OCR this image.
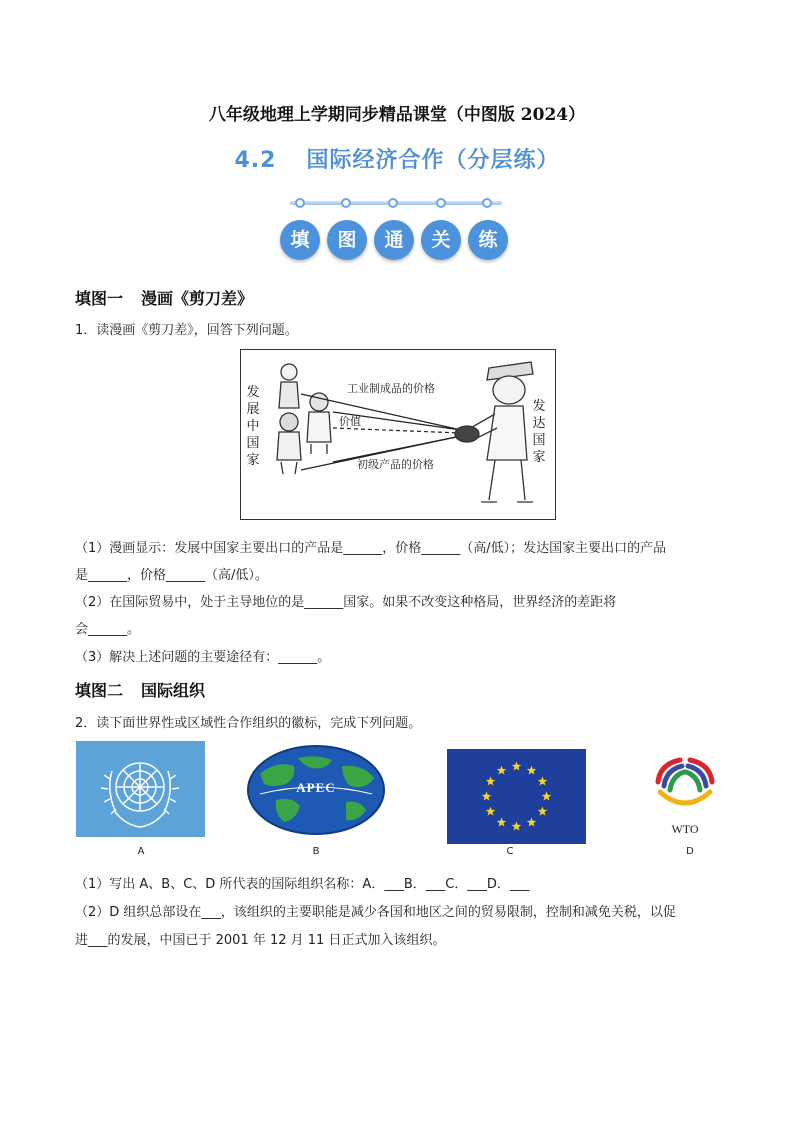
八年级地理上学期同步精品课堂（中图版 2024）
4.2 国际经济合作（分层练）
填	图	通	关	练
填图一 漫画《剪刀差》
1．读漫画《剪刀差》，回答下列问题。
发展中国家
发达国家
工业制成品的价格
价值
初级产品的价格
（1）漫画显示：发展中国家主要出口的产品是______，价格______（高/低）；发达国家主要出口的产品
是______，价格______（高/低）。
（2）在国际贸易中，处于主导地位的是______国家。如果不改变这种格局，世界经济的差距将
会______。
（3）解决上述问题的主要途径有：______。
填图二 国际组织
2．读下面世界性或区域性合作组织的徽标，完成下列问题。
A
APEC
B	C
WTO
D
（1）写出 A、B、C、D 所代表的国际组织名称：A．___B．___C．___D．___
（2）D 组织总部设在___，该组织的主要职能是减少各国和地区之间的贸易限制，控制和减免关税，以促
进___的发展，中国已于 2001 年 12 月 11 日正式加入该组织。
